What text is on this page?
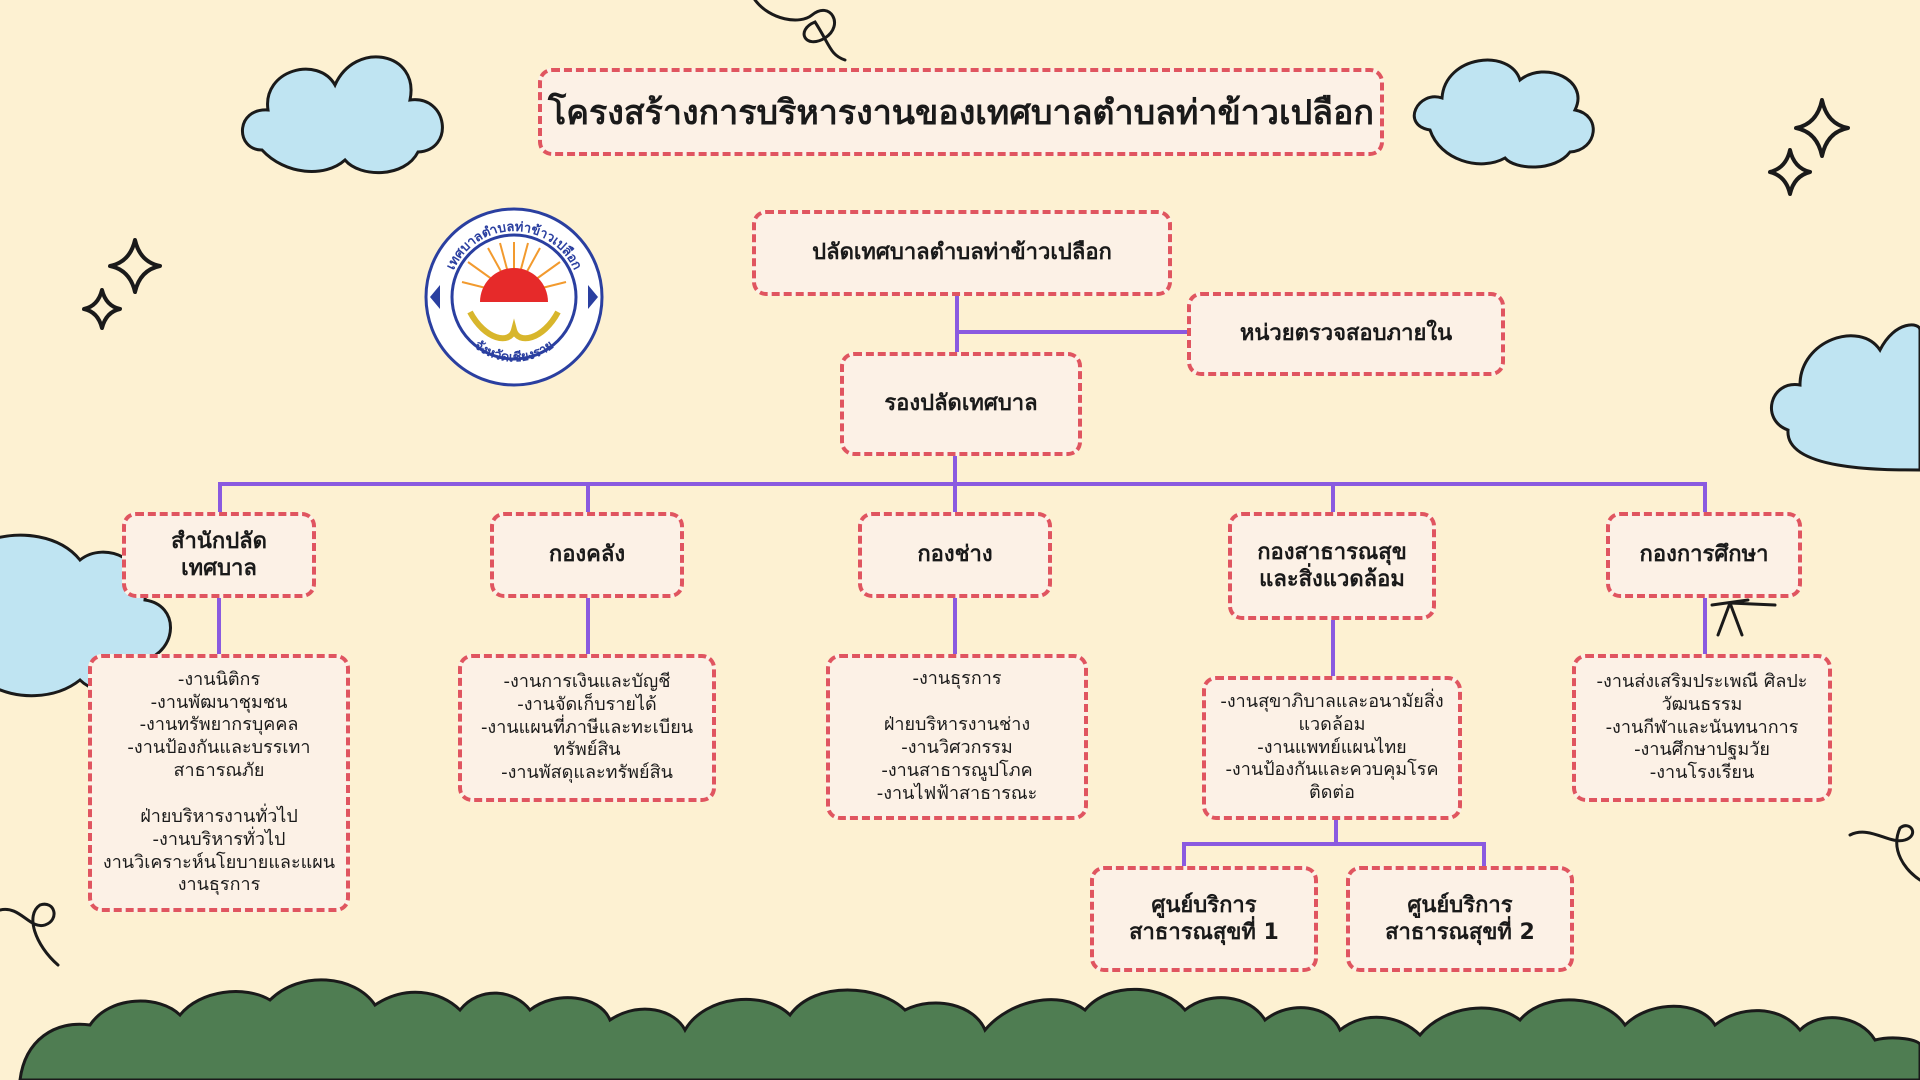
เทศบาลตำบลท่าข้าวเปลือก
จังหวัดเชียงราย
โครงสร้างการบริหารงานของเทศบาลตำบลท่าข้าวเปลือก
ปลัดเทศบาลตำบลท่าข้าวเปลือก
หน่วยตรวจสอบภายใน
รองปลัดเทศบาล
สำนักปลัด
เทศบาล
กองคลัง	กองช่าง	กองสาธารณสุข
และสิ่งแวดล้อม
กองการศึกษา
-งานนิติกร
-งานพัฒนาชุมชน
-งานทรัพยากรบุคคล
-งานป้องกันและบรรเทา
สาธารณภัย

ฝ่ายบริหารงานทั่วไป
-งานบริหารทั่วไป
งานวิเคราะห์นโยบายและแผน
งานธุรการ
-งานการเงินและบัญชี
-งานจัดเก็บรายได้
-งานแผนที่ภาษีและทะเบียน
ทรัพย์สิน
-งานพัสดุและทรัพย์สิน
-งานธุรการ

ฝ่ายบริหารงานช่าง
-งานวิศวกรรม
-งานสาธารณูปโภค
-งานไฟฟ้าสาธารณะ
-งานสุขาภิบาลและอนามัยสิ่ง
แวดล้อม
-งานแพทย์แผนไทย
-งานป้องกันและควบคุมโรค
ติดต่อ
-งานส่งเสริมประเพณี ศิลปะ
วัฒนธรรม
-งานกีฬาและนันทนาการ
-งานศึกษาปฐมวัย
-งานโรงเรียน
ศูนย์บริการ
สาธารณสุขที่ 1
ศูนย์บริการ
สาธารณสุขที่ 2
